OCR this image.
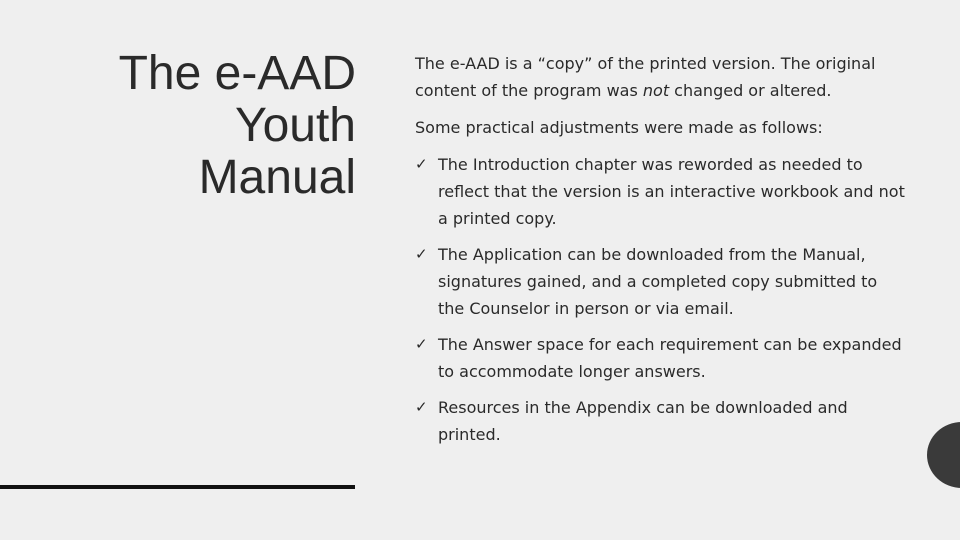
The e-AAD
Youth
Manual

The e-AAD is a “copy” of the printed version. The original content of the program was not changed or altered.

Some practical adjustments were made as follows:

✓ The Introduction chapter was reworded as needed to reflect that the version is an interactive workbook and not a printed copy.
✓ The Application can be downloaded from the Manual, signatures gained, and a completed copy submitted to the Counselor in person or via email.
✓ The Answer space for each requirement can be expanded to accommodate longer answers.
✓ Resources in the Appendix can be downloaded and printed.
